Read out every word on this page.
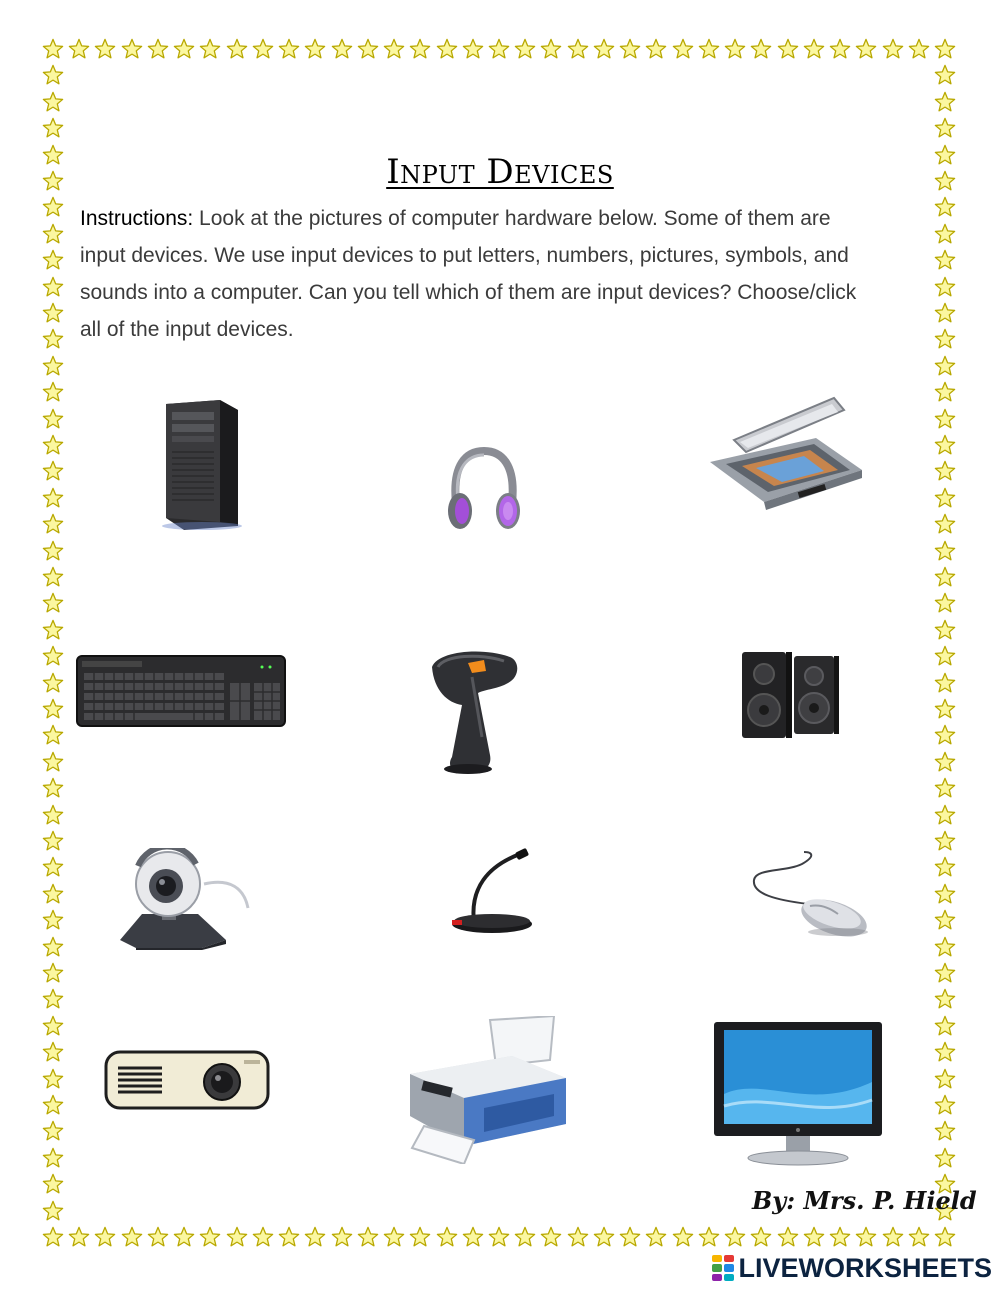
Input Devices
Instructions: Look at the pictures of computer hardware below. Some of them are input devices. We use input devices to put letters, numbers, pictures, symbols, and sounds into a computer. Can you tell which of them are input devices? Choose/click all of the input devices.
By: Mrs. P. Hield
LIVEWORKSHEETS
